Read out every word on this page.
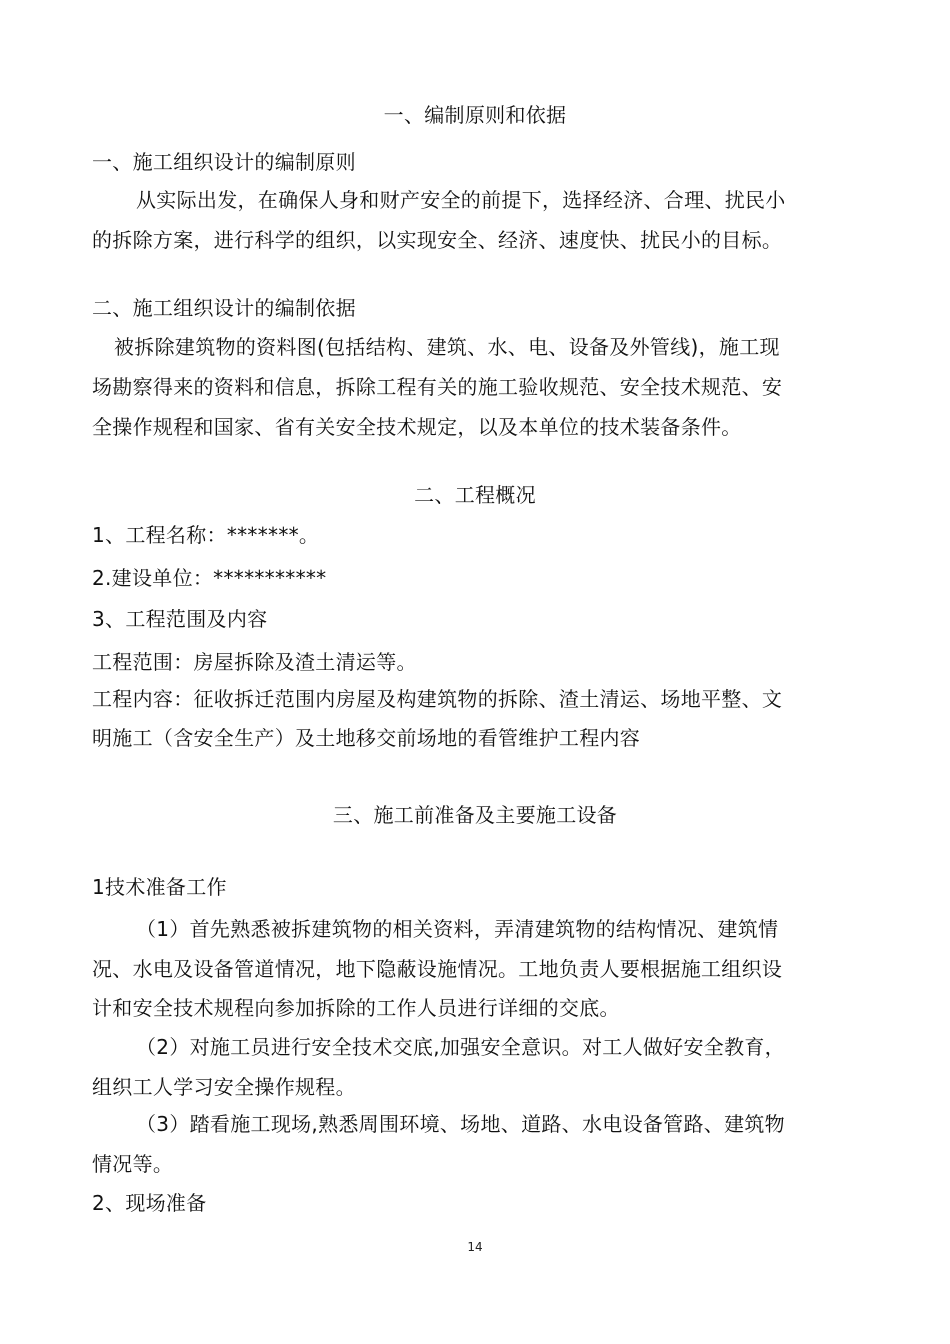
一、编制原则和依据
一、施工组织设计的编制原则
从实际出发，在确保人身和财产安全的前提下，选择经济、合理、扰民小
的拆除方案，进行科学的组织，以实现安全、经济、速度快、扰民小的目标。
二、施工组织设计的编制依据
被拆除建筑物的资料图(包括结构、建筑、水、电、设备及外管线)，施工现
场勘察得来的资料和信息，拆除工程有关的施工验收规范、安全技术规范、安
全操作规程和国家、省有关安全技术规定，以及本单位的技术装备条件。
二、工程概况
1、工程名称：*******。
2.建设单位：***********
3、工程范围及内容
工程范围：房屋拆除及渣土清运等。
工程内容：征收拆迁范围内房屋及构建筑物的拆除、渣土清运、场地平整、文
明施工（含安全生产）及土地移交前场地的看管维护工程内容
三、施工前准备及主要施工设备
1技术准备工作
（1）首先熟悉被拆建筑物的相关资料，弄清建筑物的结构情况、建筑情
况、水电及设备管道情况，地下隐蔽设施情况。工地负责人要根据施工组织设
计和安全技术规程向参加拆除的工作人员进行详细的交底。
（2）对施工员进行安全技术交底,加强安全意识。对工人做好安全教育，
组织工人学习安全操作规程。
（3）踏看施工现场,熟悉周围环境、场地、道路、水电设备管路、建筑物
情况等。
2、现场准备
14
